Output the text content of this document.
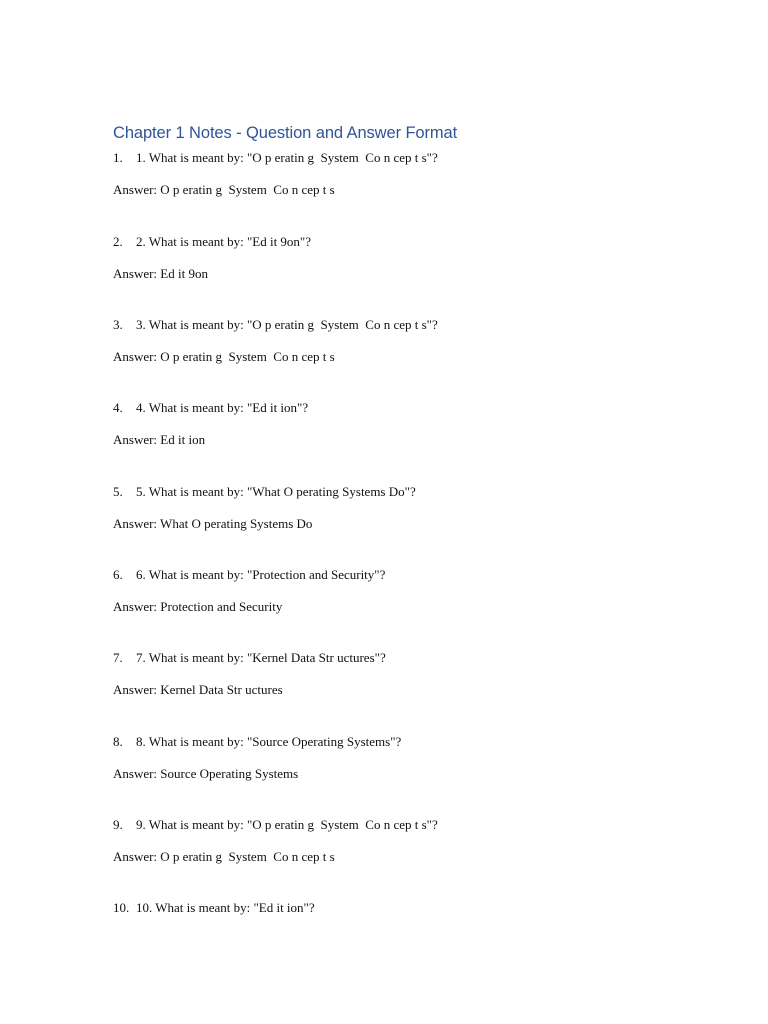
Chapter 1 Notes - Question and Answer Format
1. 1. What is meant by: "O p eratin g  System  Co n cep t s"?
Answer: O p eratin g  System  Co n cep t s
2. 2. What is meant by: "Ed it 9on"?
Answer: Ed it 9on
3. 3. What is meant by: "O p eratin g  System  Co n cep t s"?
Answer: O p eratin g  System  Co n cep t s
4. 4. What is meant by: "Ed it ion"?
Answer: Ed it ion
5. 5. What is meant by: "What O perating Systems Do"?
Answer: What O perating Systems Do
6. 6. What is meant by: "Protection and Security"?
Answer: Protection and Security
7. 7. What is meant by: "Kernel Data Str uctures"?
Answer: Kernel Data Str uctures
8. 8. What is meant by: "Source Operating Systems"?
Answer: Source Operating Systems
9. 9. What is meant by: "O p eratin g  System  Co n cep t s"?
Answer: O p eratin g  System  Co n cep t s
10. 10. What is meant by: "Ed it ion"?
